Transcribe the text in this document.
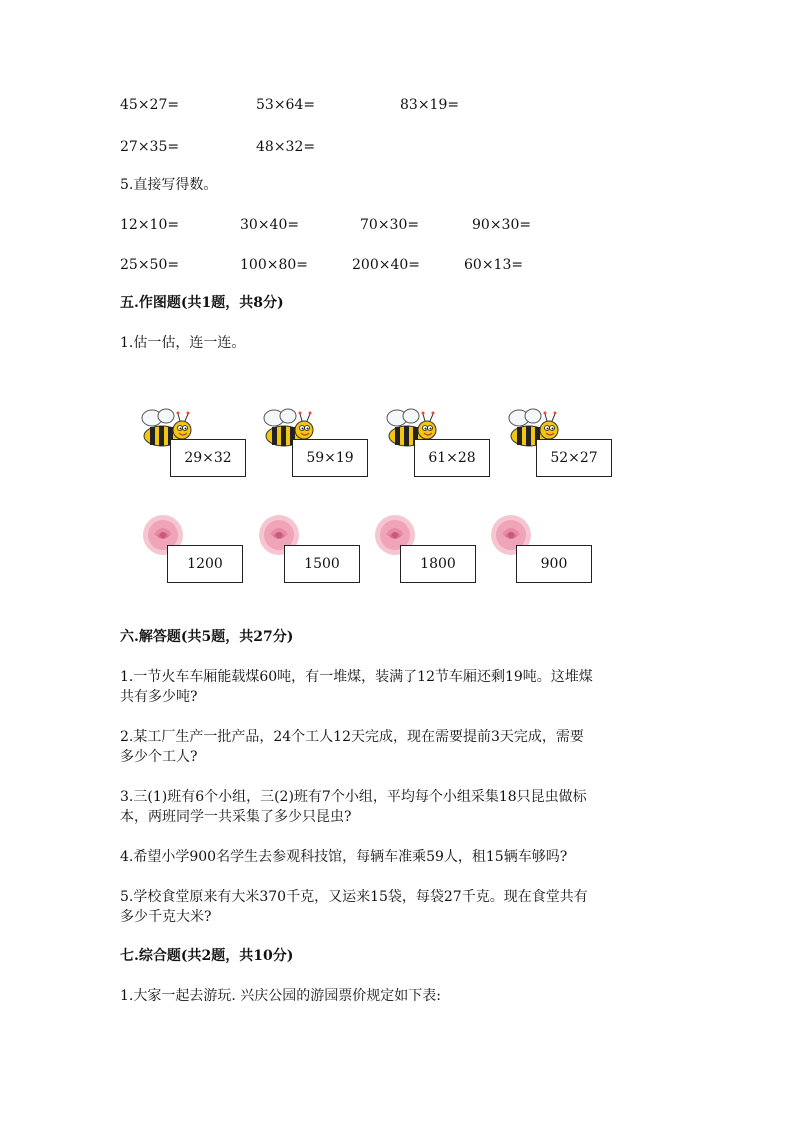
45×27=	53×64=	83×19=
27×35=	48×32=
5.直接写得数。
12×10=	30×40=	70×30=	90×30=
25×50=	100×80=	200×40=	60×13=
五.作图题(共1题，共8分)
1.估一估，连一连。
29×32	59×19	61×28	52×27
1200	1500	1800	900
六.解答题(共5题，共27分)
1.一节火车车厢能载煤60吨，有一堆煤，装满了12节车厢还剩19吨。这堆煤
共有多少吨?
2.某工厂生产一批产品，24个工人12天完成，现在需要提前3天完成，需要
多少个工人?
3.三(1)班有6个小组，三(2)班有7个小组，平均每个小组采集18只昆虫做标
本，两班同学一共采集了多少只昆虫?
4.希望小学900名学生去参观科技馆，每辆车准乘59人，租15辆车够吗?
5.学校食堂原来有大米370千克，又运来15袋，每袋27千克。现在食堂共有
多少千克大米?
七.综合题(共2题，共10分)
1.大家一起去游玩. 兴庆公园的游园票价规定如下表:
